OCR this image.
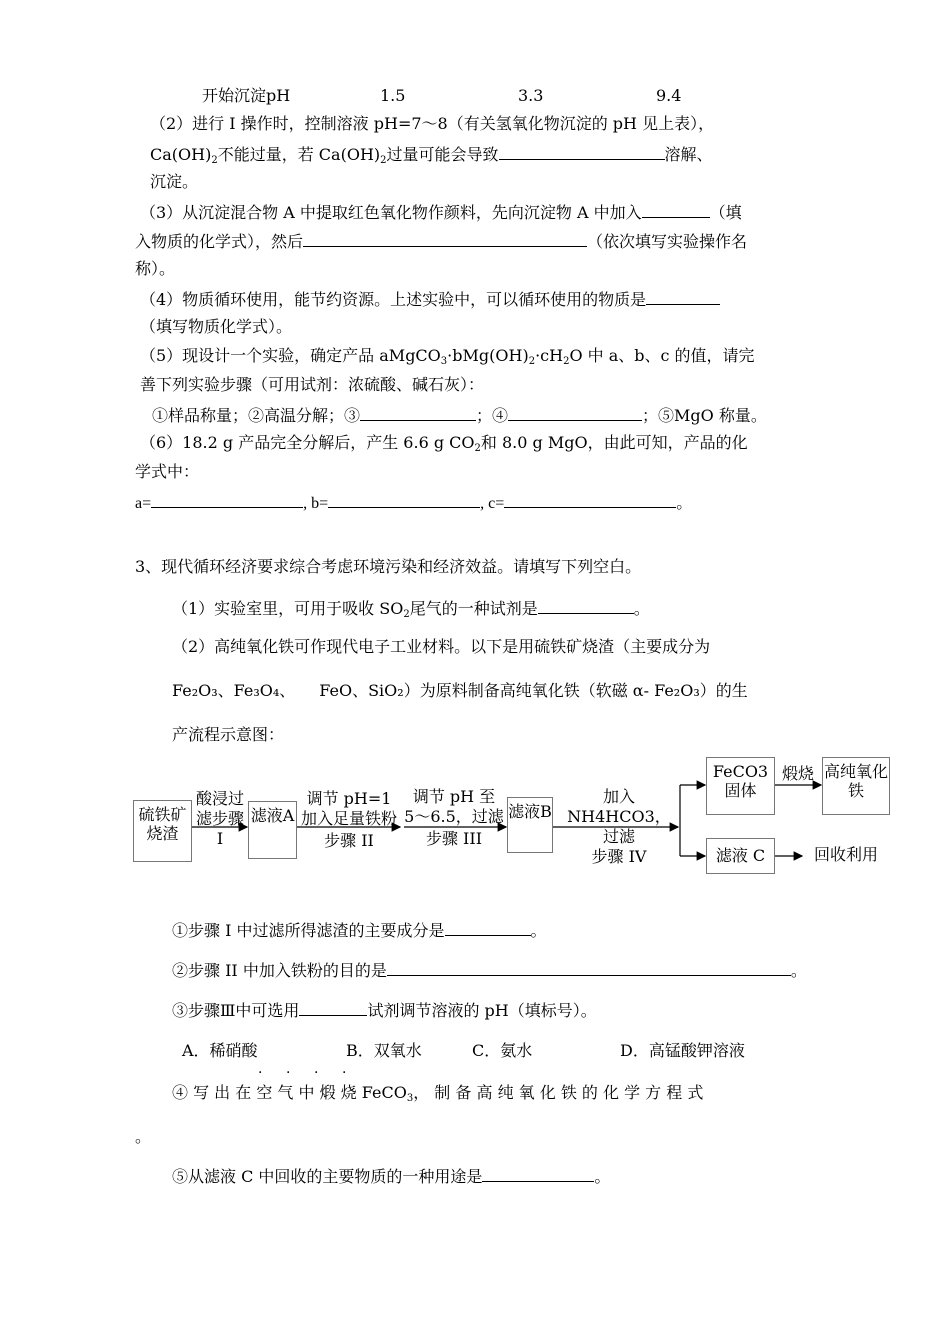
开始沉淀pH	1.5	3.3	9.4
（2）进行 Ⅰ 操作时，控制溶液 pH=7～8（有关氢氧化物沉淀的 pH 见上表），
$Ca(OH)_2$不能过量，若 $Ca(OH)_2$过量可能会导致	溶解、
沉淀。
（3）从沉淀混合物 A 中提取红色氧化物作颜料，先向沉淀物 A 中加入	（填
入物质的化学式），然后	（依次填写实验操作名
称）。
（4）物质循环使用，能节约资源。上述实验中，可以循环使用的物质是
（填写物质化学式）。
（5）现设计一个实验，确定产品 $aMgCO_3\cdot bMg(OH)_2\cdot cH_2O$ 中 a、b、c 的值，请完
善下列实验步骤（可用试剂：浓硫酸、碱石灰）：
①样品称量；②高温分解；③	；④	；⑤MgO 称量。
（6）18.2 g 产品完全分解后，产生 6.6 g $CO_2$和 8.0 g MgO，由此可知，产品的化
学式中：
a=	, b=	, c=	。
3、现代循环经济要求综合考虑环境污染和经济效益。请填写下列空白。
（1）实验室里，可用于吸收 $SO_2$尾气的一种试剂是	。
（2）高纯氧化铁可作现代电子工业材料。以下是用硫铁矿烧渣（主要成分为
Fe₂O₃、Fe₃O₄、　　FeO、SiO₂）为原料制备高纯氧化铁（软磁 α- Fe₂O₃）的生
产流程示意图：
硫铁矿烧渣
酸浸过滤步骤Ⅰ
滤液A
调节 pH=1
加入足量铁粉
步骤 II
调节 pH 至
5～6.5，过滤
步骤 III
滤液B
加入
NH4HCO3，
过滤
步骤 IV
FeCO3固体
煅烧 高纯氧化铁
滤液 C	回收利用
①步骤 I 中过滤所得滤渣的主要成分是	。
②步骤 II 中加入铁粉的目的是	。
③步骤Ⅲ中可选用	试剂调节溶液的 pH（填标号）。
A．稀硝酸	B．双氧水	C．氨水	D．高锰酸钾溶液
· · · ·
④ 写 出 在 空 气 中 煅 烧 FeCO$_3$， 制 备 高 纯 氧 化 铁 的 化 学 方 程 式
。
⑤从滤液 C 中回收的主要物质的一种用途是	。
